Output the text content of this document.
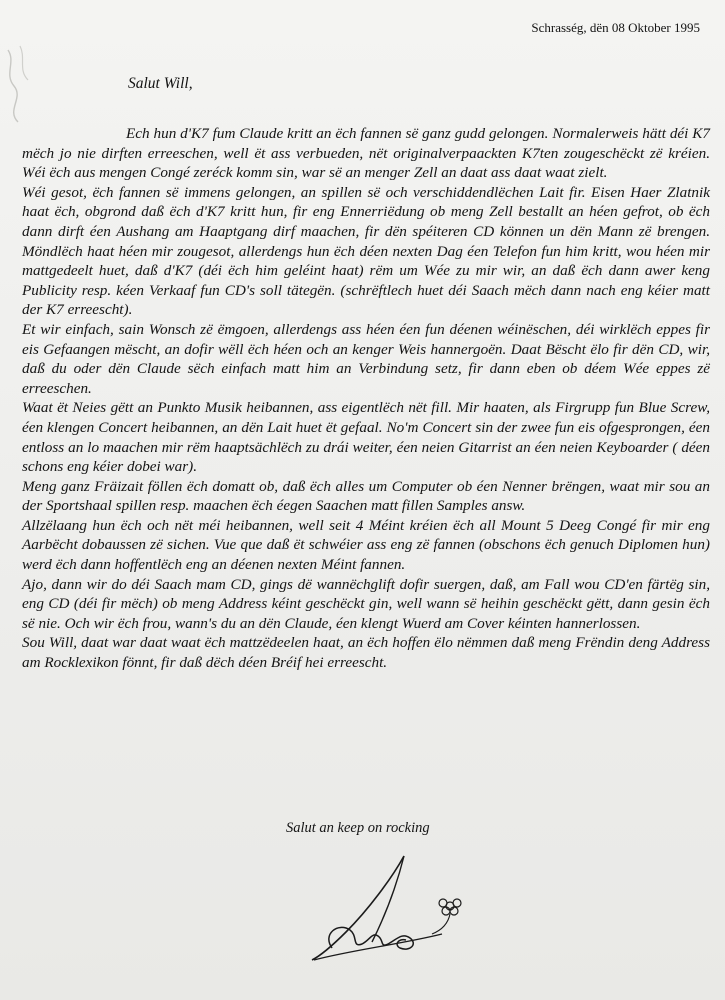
Schrasség, dën 08 Oktober 1995
Salut Will,

Ech hun d'K7 fum Claude kritt an ëch fannen së ganz gudd gelongen. Normalerweis hätt déi K7 mëch jo nie dirften erreeschen, well ët ass verbueden, nët originalverpaackten K7ten zougeschëckt zë kréien. Wéi ëch aus mengen Congé zeréck komm sin, war së an menger Zell an daat ass daat waat zielt.

Wéi gesot, ëch fannen së immens gelongen, an spillen së och verschiddendlëchen Lait fir. Eisen Haer Zlatnik haat ëch, obgrond daß ëch d'K7 kritt hun, fir eng Ennerriëdung ob meng Zell bestallt an héen gefrot, ob ëch dann dirft éen Aushang am Haaptgang dirf maachen, fir dën spéiteren CD können un dën Mann zë brengen. Möndlëch haat héen mir zougesot, allerdengs hun ëch déen nexten Dag éen Telefon fun him kritt, wou héen mir mattgedeelt huet, daß d'K7 (déi ëch him geléint haat) rëm um Wée zu mir wir, an daß ëch dann awer keng Publicity resp. kéen Verkaaf fun CD's soll tätegën. (schrëftlech huet déi Saach mëch dann nach eng kéier matt der K7 erreescht).

Et wir einfach, sain Wonsch zë ëmgoen, allerdengs ass héen éen fun déenen wéinëschen, déi wirklëch eppes fir eis Gefaangen mëscht, an dofir wëll ëch héen och an kenger Weis hannergoën. Daat Bëscht ëlo fir dën CD, wir, daß du oder dën Claude sëch einfach matt him an Verbindung setz, fir dann eben ob déem Wée eppes zë erreeschen.

Waat ët Neies gëtt an Punkto Musik heibannen, ass eigentlëch nët fill. Mir haaten, als Firgrupp fun Blue Screw, éen klengen Concert heibannen, an dën Lait huet ët gefaal. No'm Concert sin der zwee fun eis ofgesprongen, éen entloss an lo maachen mir rëm haaptsächlëch zu drái weiter, éen neien Gitarrist an éen neien Keyboarder ( déen schons eng kéier dobei war).

Meng ganz Fräizait föllen ëch domatt ob, daß ëch alles um Computer ob éen Nenner brëngen, waat mir sou an der Sportshaal spillen resp. maachen ëch éegen Saachen matt fillen Samples answ.

Allzëlaang hun ëch och nët méi heibannen, well seit 4 Méint kréien ëch all Mount 5 Deeg Congé fir mir eng Aarbëcht dobaussen zë sichen. Vue que daß ët schwéier ass eng zë fannen (obschons ëch genuch Diplomen hun) werd ëch dann hoffentlëch eng an déenen nexten Méint fannen.

Ajo, dann wir do déi Saach mam CD, gings dë wannëchglift dofir suergen, daß, am Fall wou CD'en färtëg sin, eng CD (déi fir mëch) ob meng Address kéint geschëckt gin, well wann së heihin geschëckt gëtt, dann gesin ëch së nie. Och wir ëch frou, wann's du an dën Claude, éen klengt Wuerd am Cover kéinten hannerlossen.

Sou Will, daat war daat waat ëch mattzëdeelen haat, an ëch hoffen ëlo nëmmen daß meng Frëndin deng Address am Rocklexikon fönnt, fir daß dëch déen Bréif hei erreescht.

Salut an keep on rocking
